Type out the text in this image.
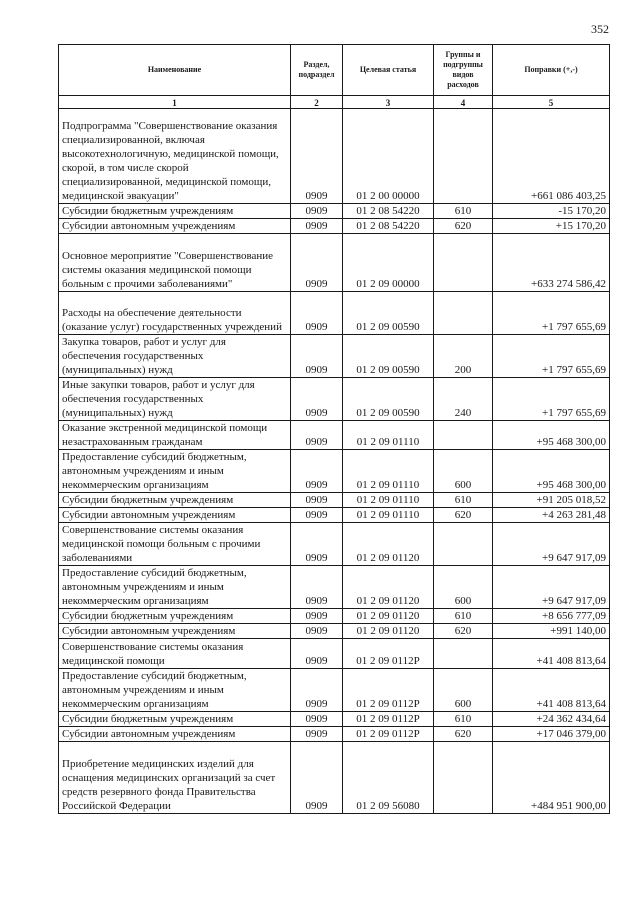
352
Наименование	Раздел, подраздел	Целевая статья	Группы и подгруппы видов расходов	Поправки (+,-)
1	2	3	4	5
Подпрограмма "Совершенствование оказания специализированной, включая высокотехнологичную, медицинской помощи, скорой, в том числе скорой специализированной, медицинской помощи, медицинской эвакуации"	0909	01 2 00 00000		+661 086 403,25
Субсидии бюджетным учреждениям	0909	01 2 08 54220	610	-15 170,20
Субсидии автономным учреждениям	0909	01 2 08 54220	620	+15 170,20
Основное мероприятие "Совершенствование системы оказания медицинской помощи больным с прочими заболеваниями"	0909	01 2 09 00000		+633 274 586,42
Расходы на обеспечение деятельности (оказание услуг) государственных учреждений	0909	01 2 09 00590		+1 797 655,69
Закупка товаров, работ и услуг для обеспечения государственных (муниципальных) нужд	0909	01 2 09 00590	200	+1 797 655,69
Иные закупки товаров, работ и услуг для обеспечения государственных (муниципальных) нужд	0909	01 2 09 00590	240	+1 797 655,69
Оказание экстренной медицинской помощи незастрахованным гражданам	0909	01 2 09 01110		+95 468 300,00
Предоставление субсидий бюджетным, автономным учреждениям и иным некоммерческим организациям	0909	01 2 09 01110	600	+95 468 300,00
Субсидии бюджетным учреждениям	0909	01 2 09 01110	610	+91 205 018,52
Субсидии автономным учреждениям	0909	01 2 09 01110	620	+4 263 281,48
Совершенствование системы оказания медицинской помощи больным с прочими заболеваниями	0909	01 2 09 01120		+9 647 917,09
Предоставление субсидий бюджетным, автономным учреждениям и иным некоммерческим организациям	0909	01 2 09 01120	600	+9 647 917,09
Субсидии бюджетным учреждениям	0909	01 2 09 01120	610	+8 656 777,09
Субсидии автономным учреждениям	0909	01 2 09 01120	620	+991 140,00
Совершенствование системы оказания медицинской помощи	0909	01 2 09 0112Р		+41 408 813,64
Предоставление субсидий бюджетным, автономным учреждениям и иным некоммерческим организациям	0909	01 2 09 0112Р	600	+41 408 813,64
Субсидии бюджетным учреждениям	0909	01 2 09 0112Р	610	+24 362 434,64
Субсидии автономным учреждениям	0909	01 2 09 0112Р	620	+17 046 379,00
Приобретение медицинских изделий для оснащения медицинских организаций за счет средств резервного фонда Правительства Российской Федерации	0909	01 2 09 56080		+484 951 900,00
